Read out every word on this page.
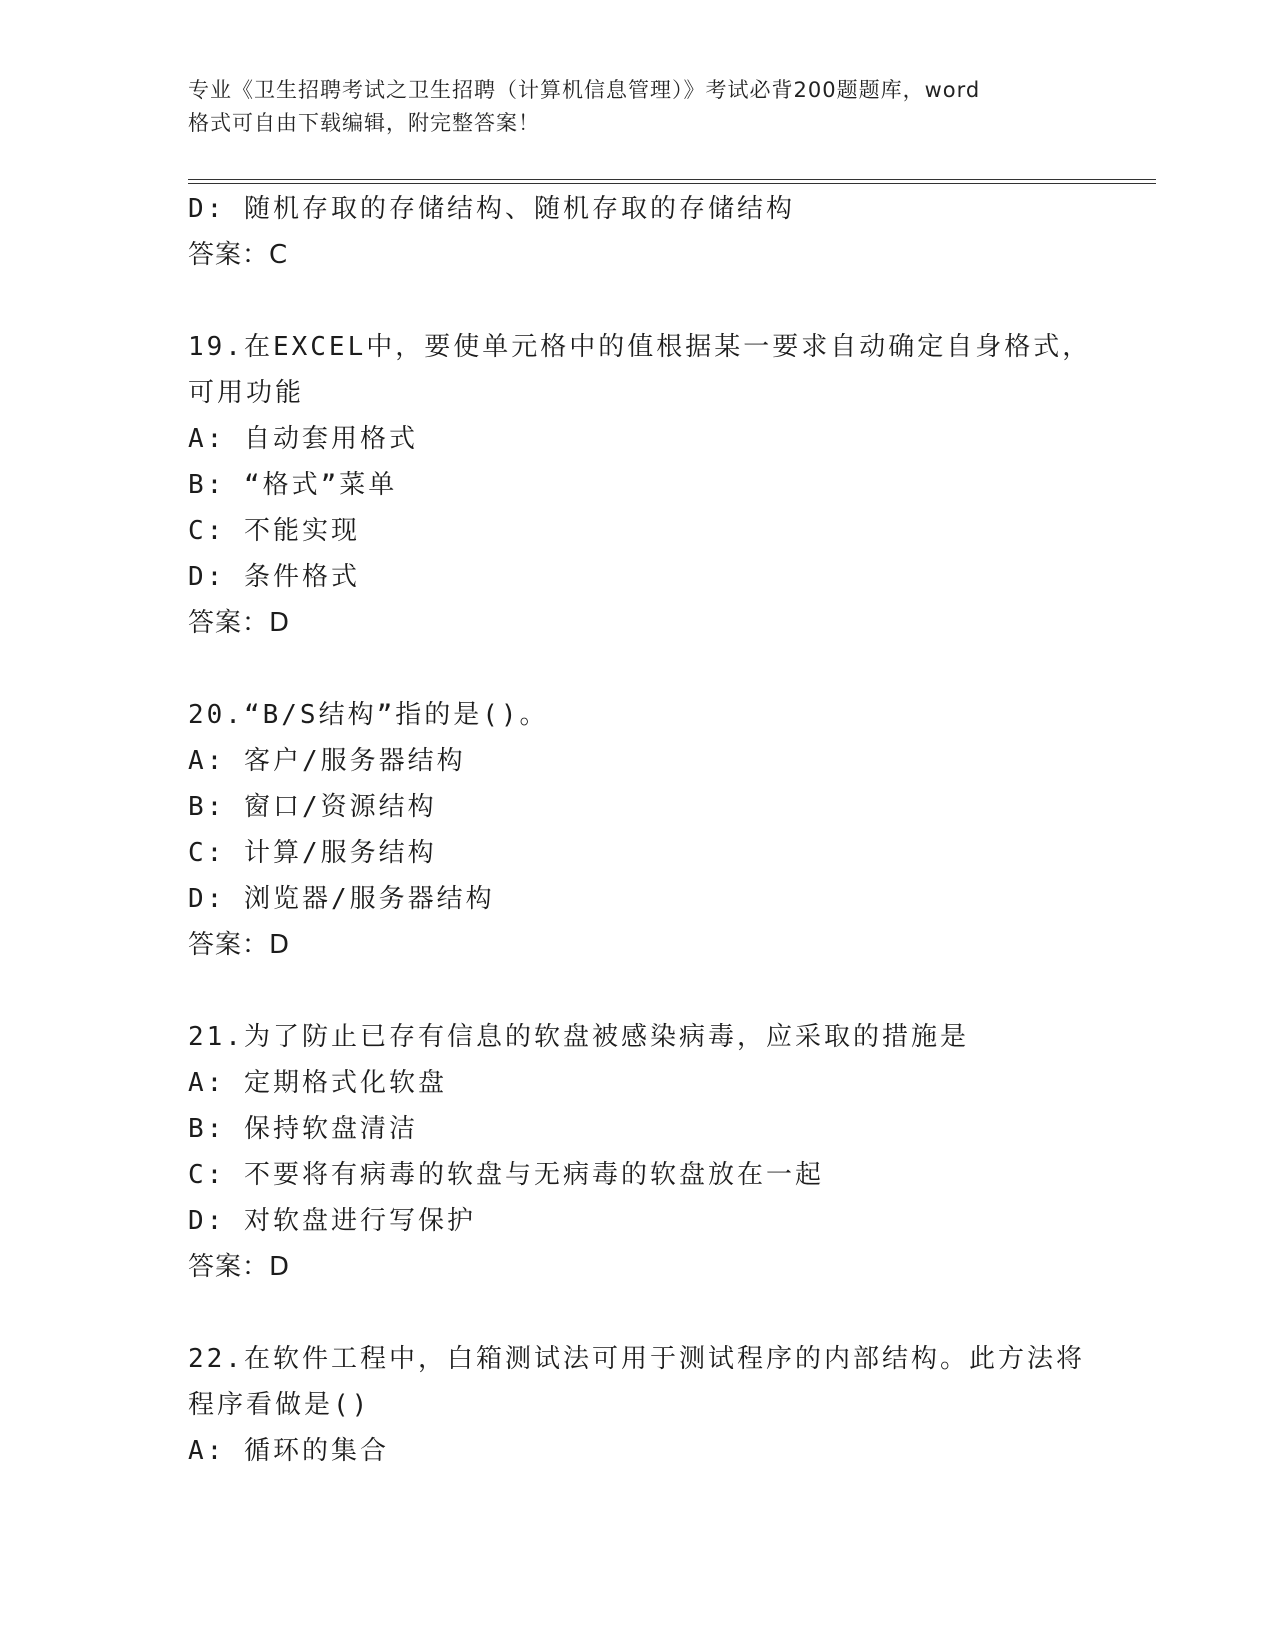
专业《卫生招聘考试之卫生招聘（计算机信息管理）》考试必背200题题库，word
格式可自由下载编辑，附完整答案！
D: 随机存取的存储结构、随机存取的存储结构
答案：C
19.在EXCEL中，要使单元格中的值根据某一要求自动确定自身格式，
可用功能
A: 自动套用格式
B: “格式”菜单
C: 不能实现
D: 条件格式
答案：D
20.“B/S结构”指的是()。
A: 客户/服务器结构
B: 窗口/资源结构
C: 计算/服务结构
D: 浏览器/服务器结构
答案：D
21.为了防止已存有信息的软盘被感染病毒，应采取的措施是
A: 定期格式化软盘
B: 保持软盘清洁
C: 不要将有病毒的软盘与无病毒的软盘放在一起
D: 对软盘进行写保护
答案：D
22.在软件工程中，白箱测试法可用于测试程序的内部结构。此方法将
程序看做是()
A: 循环的集合
